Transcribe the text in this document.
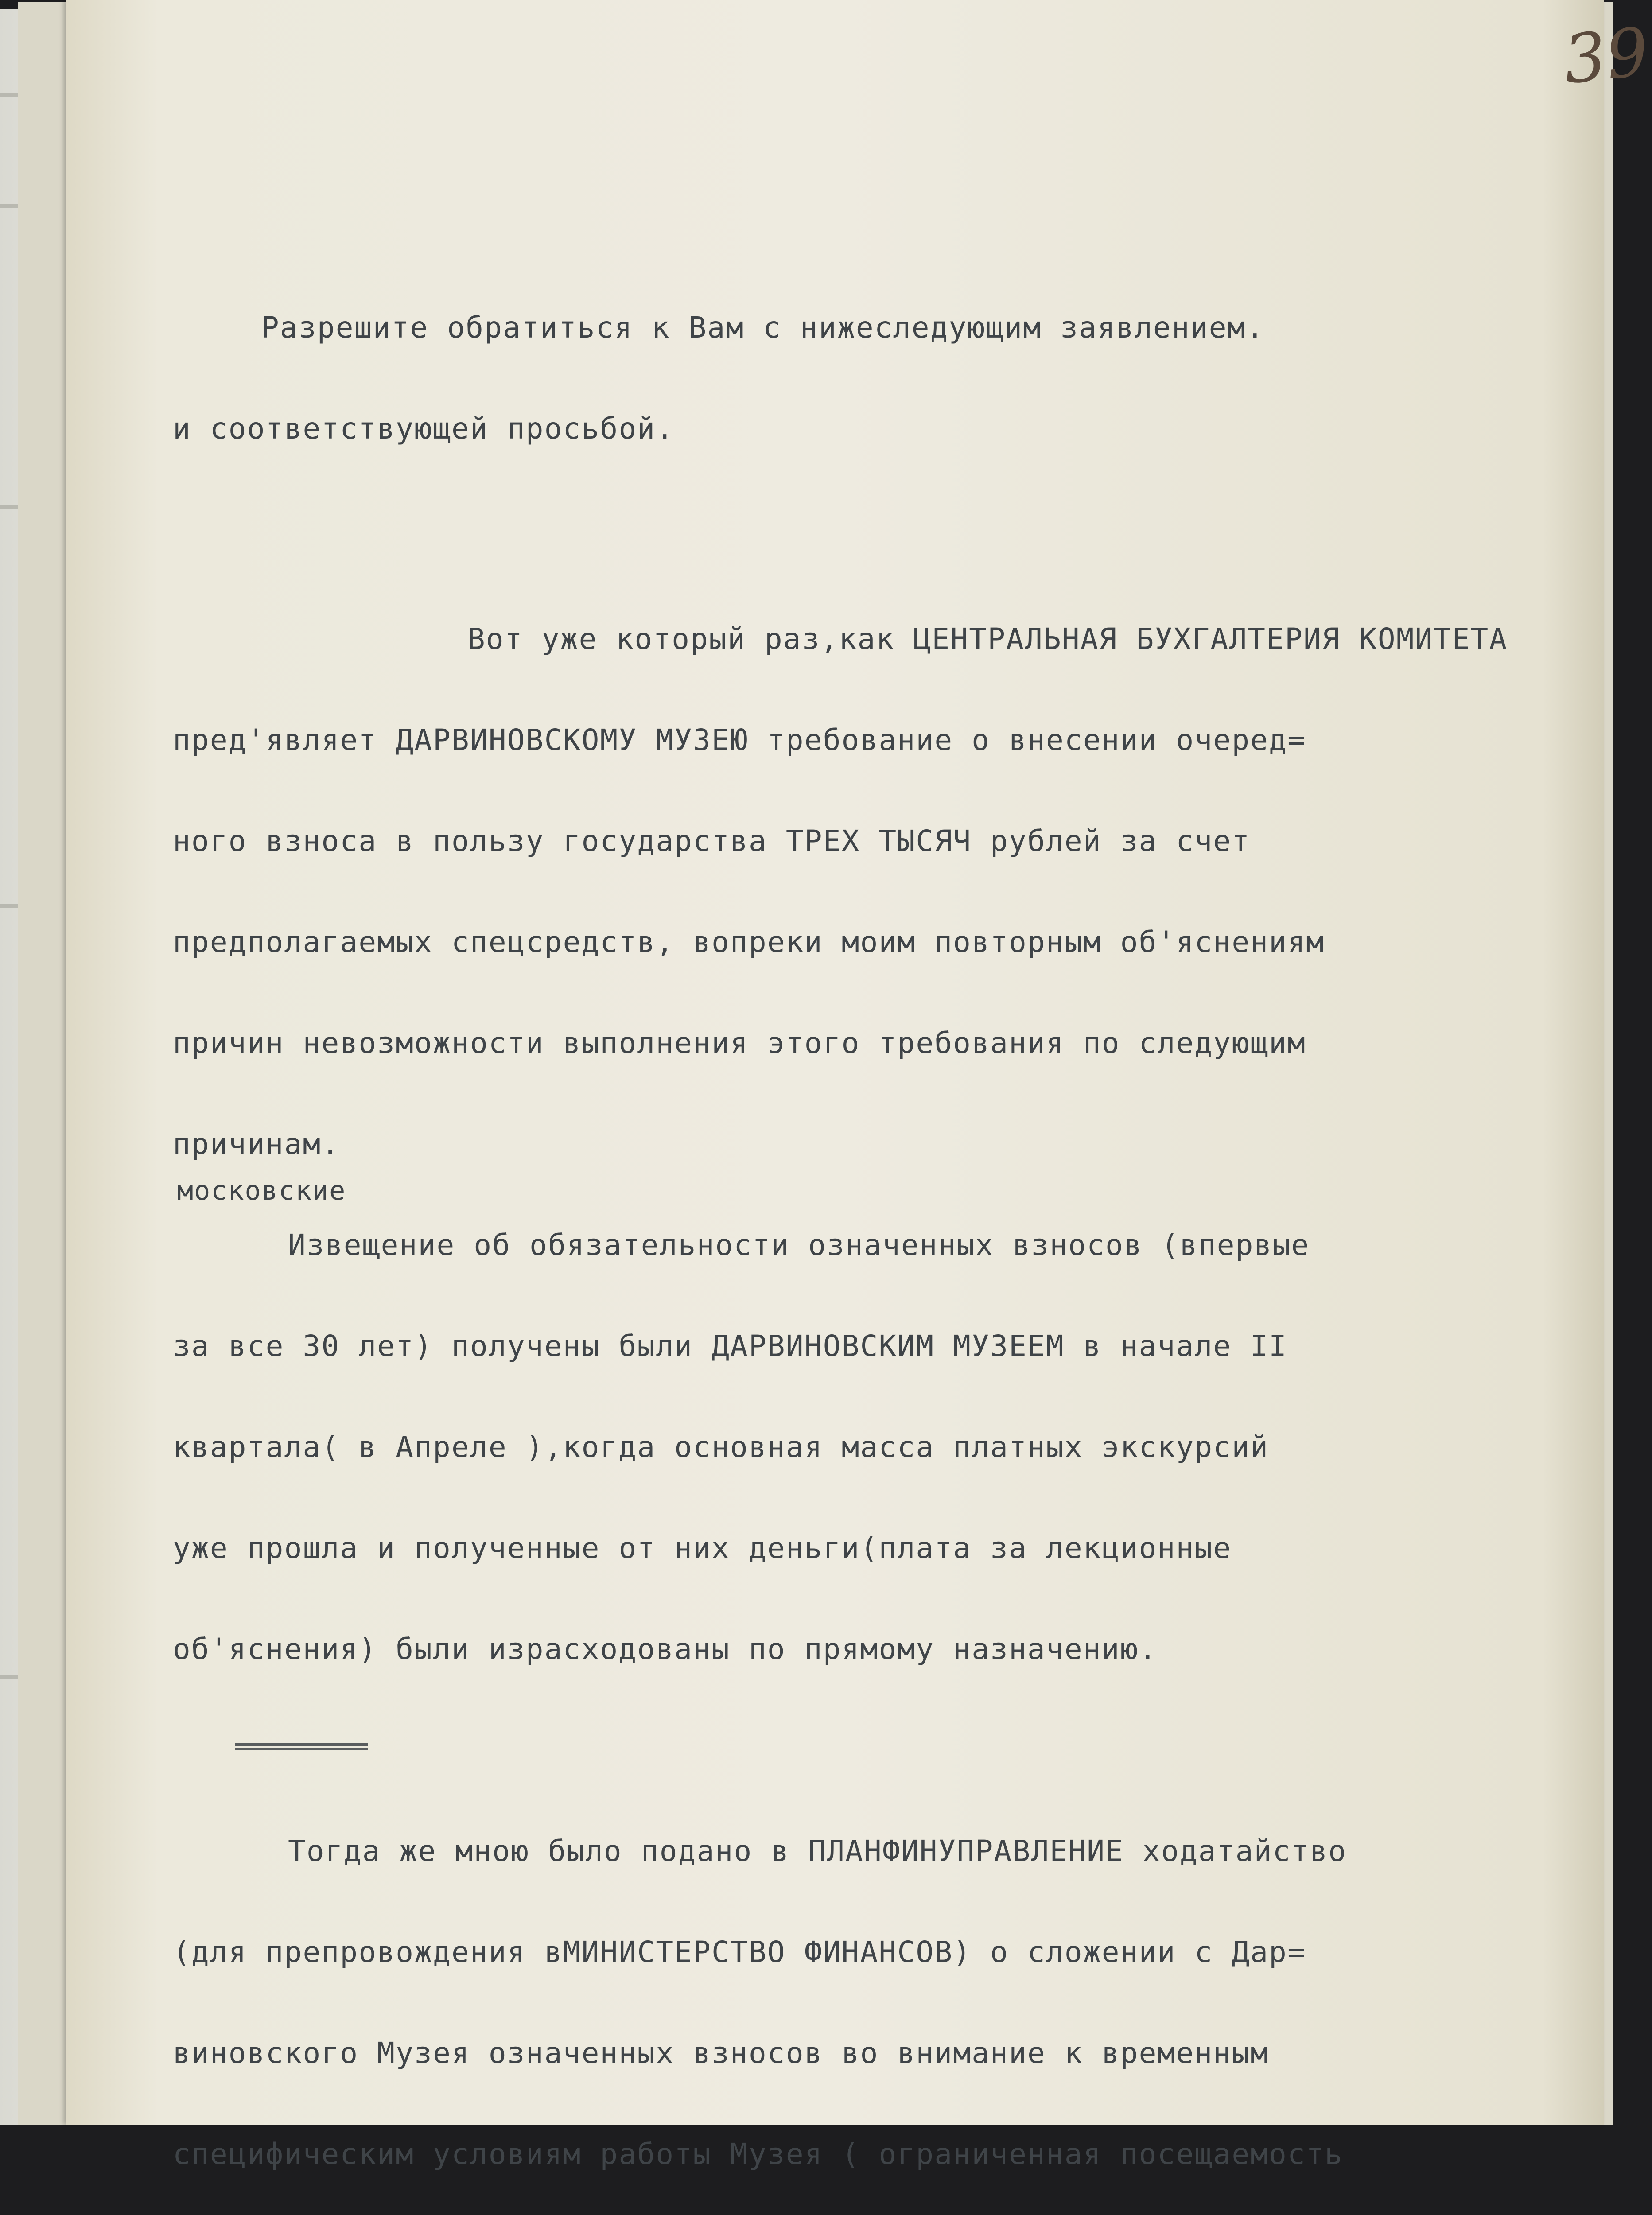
39

московские

Разрешите обратиться к Вам с нижеследующим заявлением.

и соответствующей просьбой.

Вот уже который раз,как ЦЕНТРАЛЬНАЯ БУХГАЛТЕРИЯ КОМИТЕТА

пред'являет ДАРВИНОВСКОМУ МУЗЕЮ требование о внесении очеред=

ного взноса в пользу государства ТРЕХ ТЫСЯЧ рублей за счет

предполагаемых спецсредств, вопреки моим повторным об'яснениям

причин невозможности выполнения этого требования по следующим

причинам.

Извещение об обязательности означенных взносов (впервые

за все 30 лет) получены были ДАРВИНОВСКИМ МУЗЕЕМ в начале II

квартала( в Апреле ),когда основная масса платных экскурсий

уже прошла и полученные от них деньги(плата за лекционные

об'яснения) были израсходованы по прямому назначению.

Тогда же мною было подано в ПЛАНФИНУПРАВЛЕНИЕ ходатайство

(для препровождения вМИНИСТЕРСТВО ФИНАНСОВ) о сложении с Дар=

виновского Музея означенных взносов во внимание к временным

специфическим условиям работы Музея ( ограниченная посещаемость
